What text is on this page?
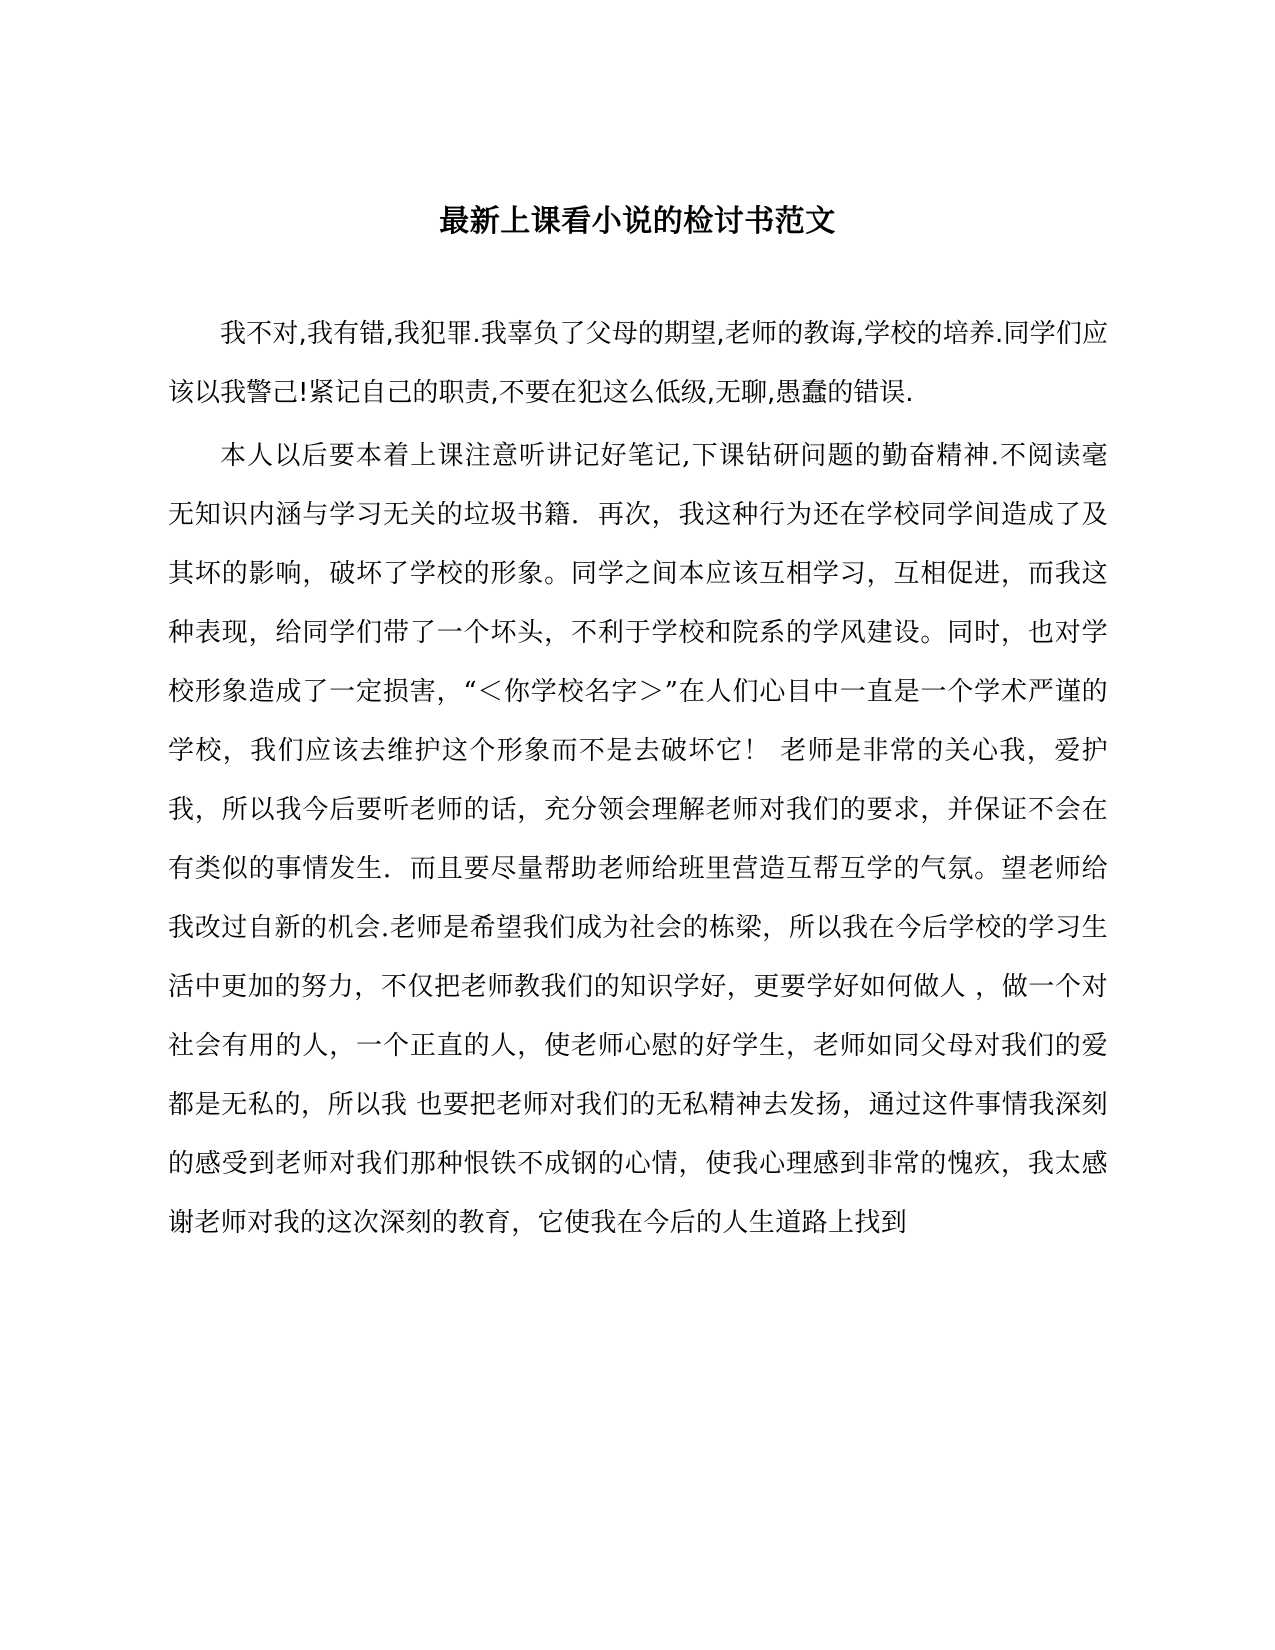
最新上课看小说的检讨书范文

我不对,我有错,我犯罪.我辜负了父母的期望,老师的教诲,学校的培养.同学们应该以我警己!紧记自己的职责,不要在犯这么低级,无聊,愚蠢的错误.

本人以后要本着上课注意听讲记好笔记,下课钻研问题的勤奋精神.不阅读毫无知识内涵与学习无关的垃圾书籍．再次，我这种行为还在学校同学间造成了及其坏的影响，破坏了学校的形象。同学之间本应该互相学习，互相促进，而我这种表现，给同学们带了一个坏头，不利于学校和院系的学风建设。同时，也对学校形象造成了一定损害，“＜你学校名字＞”在人们心目中一直是一个学术严谨的学校，我们应该去维护这个形象而不是去破坏它！ 老师是非常的关心我，爱护我，所以我今后要听老师的话，充分领会理解老师对我们的要求，并保证不会在有类似的事情发生．而且要尽量帮助老师给班里营造互帮互学的气氛。望老师给我改过自新的机会.老师是希望我们成为社会的栋梁，所以我在今后学校的学习生活中更加的努力，不仅把老师教我们的知识学好，更要学好如何做人 ，做一个对社会有用的人，一个正直的人，使老师心慰的好学生，老师如同父母对我们的爱都是无私的，所以我 也要把老师对我们的无私精神去发扬，通过这件事情我深刻的感受到老师对我们那种恨铁不成钢的心情，使我心理感到非常的愧疚，我太感谢老师对我的这次深刻的教育，它使我在今后的人生道路上找到
